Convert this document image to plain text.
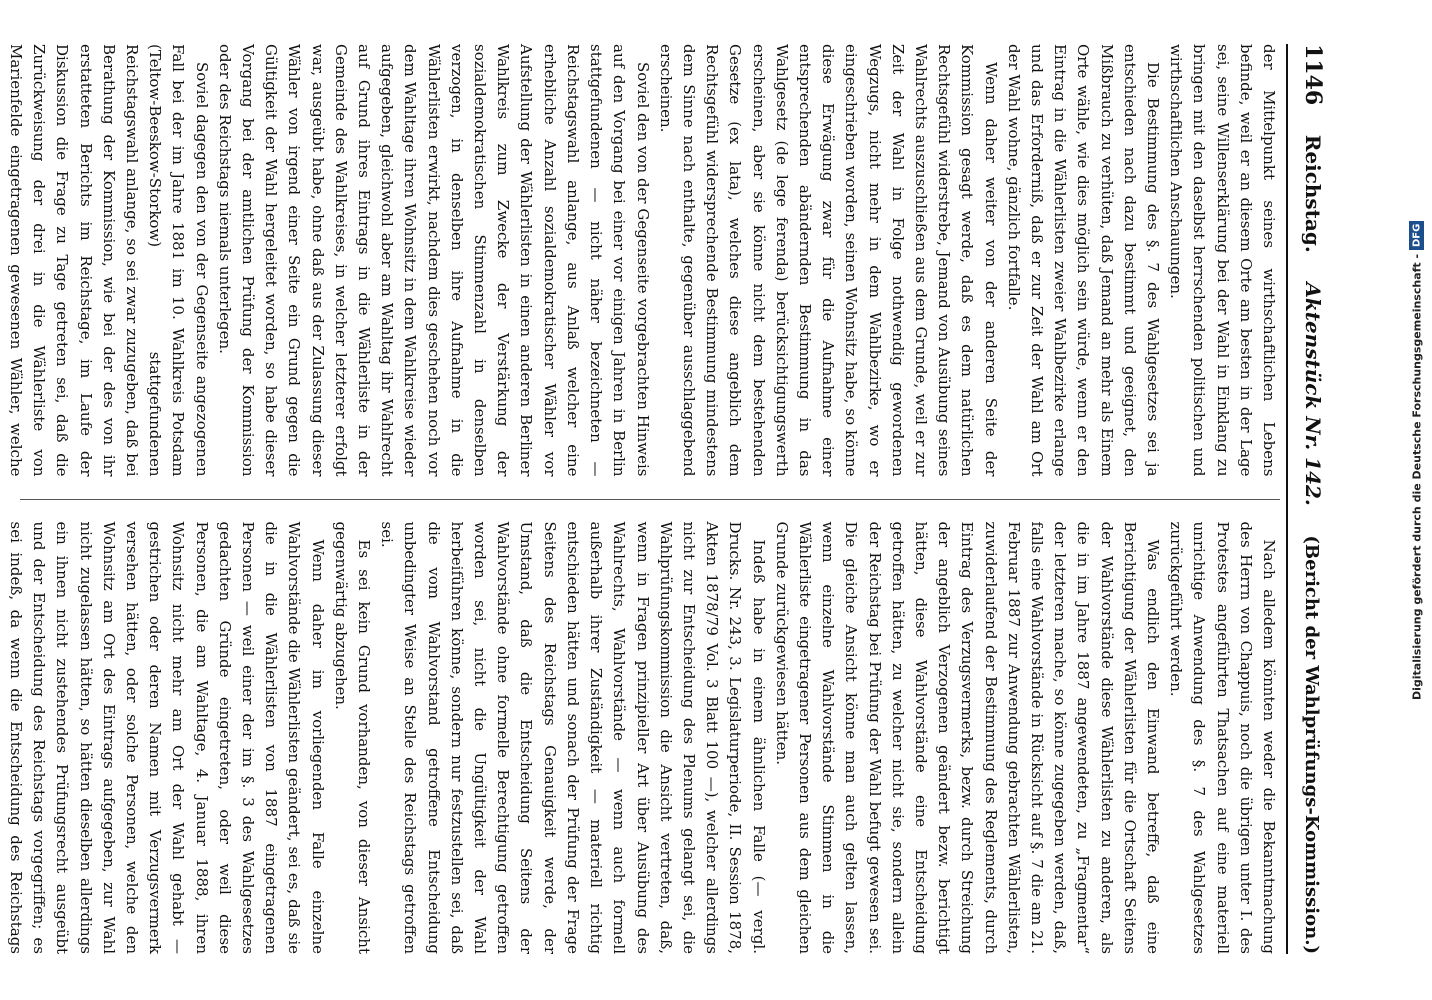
1146
Reichstag.
Aktenstück Nr. 142.
(Bericht der Wahlprüfungs-Kommission.)

der Mittelpunkt seines wirthschaftlichen Lebens befinde, weil er an diesem Orte am besten in der Lage sei, seine Willenserklärung bei der Wahl in Einklang zu bringen mit den daselbst herrschenden politischen und wirthschaftlichen Anschauungen.

Die Bestimmung des §. 7 des Wahlgesetzes sei ja entschieden nach dazu bestimmt und geeignet, den Mißbrauch zu verhüten, daß Jemand an mehr als Einem Orte wähle, wie dies möglich sein würde, wenn er den Eintrag in die Wählerlisten zweier Wahlbezirke erlange und das Erforderniß, daß er zur Zeit der Wahl am Ort der Wahl wohne, gänzlich fortfalle.

Wenn daher weiter von der anderen Seite der Kommission gesagt werde, daß es dem natürlichen Rechtsgefühl widerstrebe, Jemand von Ausübung seines Wahlrechts auszuschließen aus dem Grunde, weil er zur Zeit der Wahl in Folge nothwendig gewordenen Wegzugs, nicht mehr in dem Wahlbezirke, wo er eingeschrieben worden, seinen Wohnsitz habe, so könne diese Erwägung zwar für die Aufnahme einer entsprechenden abändernden Bestimmung in das Wahlgesetz (de lege ferenda) berücksichtigungswerth erscheinen, aber sie könne nicht dem bestehenden Gesetze (ex lata), welches diese angeblich dem Rechtsgefühl widersprechende Bestimmung mindestens dem Sinne nach enthalte, gegenüber ausschlaggebend erscheinen.

Soviel den von der Gegenseite vorgebrachten Hinweis auf den Vorgang bei einer vor einigen Jahren in Berlin stattgefundenen — nicht näher bezeichneten — Reichstagswahl anlange, aus Anlaß welcher eine erhebliche Anzahl sozialdemokratischer Wähler vor Aufstellung der Wählerlisten in einen anderen Berliner Wahlkreis zum Zwecke der Verstärkung der sozialdemokratischen Stimmenzahl in denselben verzogen, in denselben ihre Aufnahme in die Wählerlisten erwirkt, nachdem dies geschehen noch vor dem Wahltage ihren Wohnsitz in dem Wahlkreise wieder aufgegeben, gleichwohl aber am Wahltag ihr Wahlrecht auf Grund ihres Eintrags in die Wählerliste in der Gemeinde des Wahlkreises, in welcher letzterer erfolgt war, ausgeübt habe, ohne daß aus der Zulassung dieser Wähler von irgend einer Seite ein Grund gegen die Gültigkeit der Wahl hergeleitet worden, so habe dieser Vorgang bei der amtlichen Prüfung der Kommission oder des Reichstags niemals unterlegen.

Soviel dagegen den von der Gegenseite angezogenen Fall bei der im Jahre 1881 im 10. Wahlkreis Potsdam (Teltow-Beeskow-Storkow) stattgefundenen Reichstagswahl anlange, so sei zwar zuzugeben, daß bei Berathung der Kommission, wie bei der des von ihr erstatteten Berichts im Reichstage, im Laufe der Diskussion die Frage zu Tage getreten sei, daß die Zurückweisung der drei in die Wählerliste von Marienfelde eingetragenen gewesenen Wähler, welche

Nach alledem könnten weder die Bekanntmachung des Herrn von Chappuis, noch die übrigen unter I. des Protestes angeführten Thatsachen auf eine materiell unrichtige Anwendung des §. 7 des Wahlgesetzes zurückgeführt werden.

Was endlich den Einwand betreffe, daß eine Berichtigung der Wählerlisten für die Ortschaft Seitens der Wahlvorstände diese Wählerlisten zu anderen, als die in im Jahre 1887 angewendeten, zu „Fragmentar“ der letzteren mache, so könne zugegeben werden, daß, falls eine Wahlvorstände in Rücksicht auf §. 7 die am 21. Februar 1887 zur Anwendung gebrachten Wählerlisten, zuwiderlaufend der Bestimmung des Reglements, durch Eintrag des Verzugsvermerks, bezw. durch Streichung der angeblich Verzogenen geändert bezw. berichtigt hätten, diese Wahlvorstände eine Entscheidung getroffen hätten, zu welcher nicht sie, sondern allein der Reichstag bei Prüfung der Wahl befugt gewesen sei. Die gleiche Ansicht könne man auch gelten lassen, wenn einzelne Wahlvorstände Stimmen in die Wählerliste eingetragener Personen aus dem gleichen Grunde zurückgewiesen hätten.

Indeß habe in einem ähnlichen Falle (— vergl. Drucks. Nr. 243, 3. Legislaturperiode, II. Session 1878, Akten 1878/79 Vol. 3 Blatt 100 —), welcher allerdings nicht zur Entscheidung des Plenums gelangt sei, die Wahlprüfungskommission die Ansicht vertreten, daß, wenn in Fragen prinzipieller Art über Ausübung des Wahlrechts, Wahlvorstände — wenn auch formell außerhalb ihrer Zuständigkeit — materiell richtig entschieden hätten und sonach der Prüfung der Frage Seitens des Reichstags Genauigkeit werde, der Umstand, daß die Entscheidung Seitens der Wahlvorstände ohne formelle Berechtigung getroffen worden sei, nicht die Ungültigkeit der Wahl herbeiführen könne, sondern nur festzustellen sei, daß die vom Wahlvorstand getroffene Entscheidung unbedingter Weise an Stelle des Reichstags getroffen sei.

Es sei kein Grund vorhanden, von dieser Ansicht gegenwärtig abzugehen.

Wenn daher im vorliegenden Falle einzelne Wahlvorstände die Wählerlisten geändert, sei es, daß sie die in die Wählerlisten von 1887 eingetragenen Personen — weil einer der im §. 3 des Wahlgesetzes gedachten Gründe eingetreten, oder weil diese Personen, die am Wahltage, 4. Januar 1888, ihren Wohnsitz nicht mehr am Ort der Wahl gehabt — gestrichen oder deren Namen mit Verzugsvermerk versehen hätten, oder solche Personen, welche den Wohnsitz am Ort des Eintrags aufgegeben, zur Wahl nicht zugelassen hätten, so hätten dieselben allerdings ein ihnen nicht zustehendes Prüfungsrecht ausgeübt und der Entscheidung des Reichstags vorgegriffen; es sei indeß, da wenn die Entscheidung des Reichstags

Digitalisierung gefördert durch die Deutsche Forschungsgemeinschaft -
DFG
